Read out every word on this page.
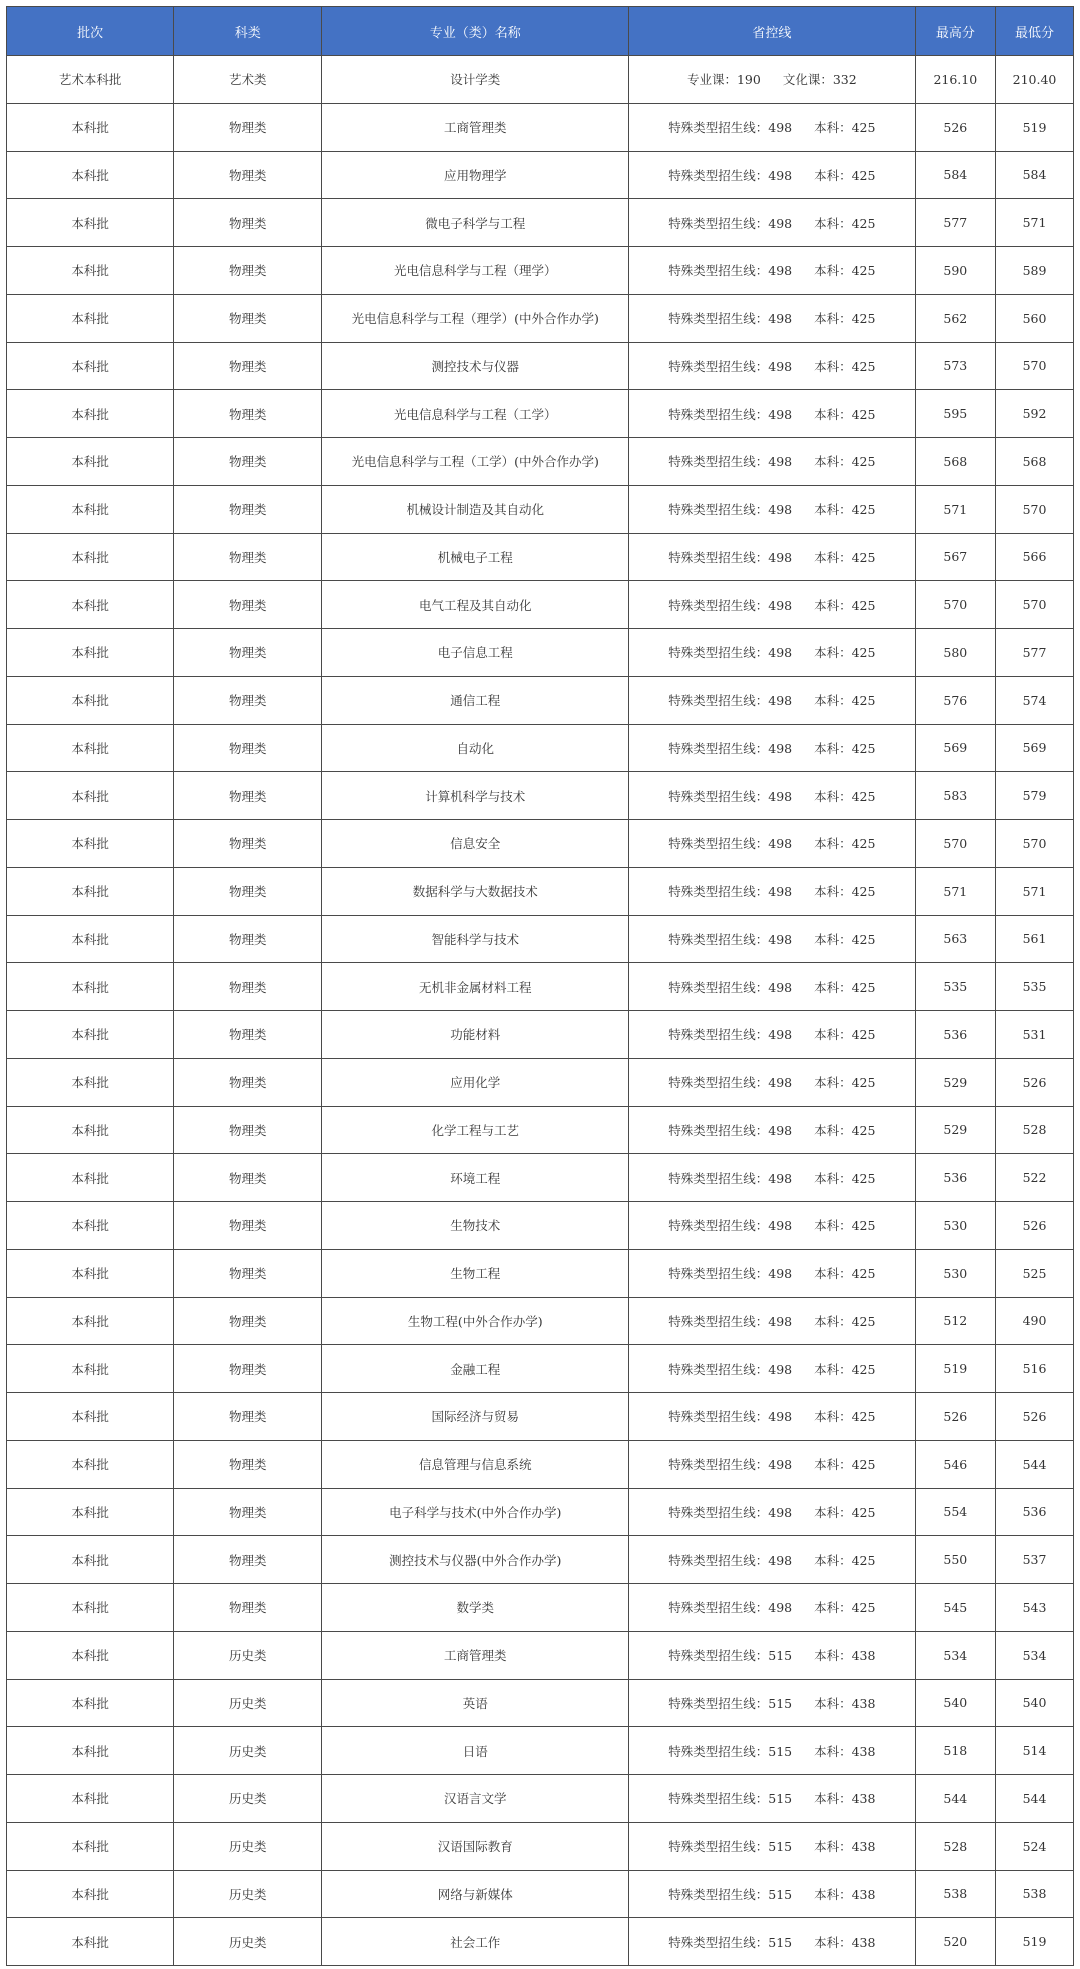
批次	科类	专业（类）名称	省控线	最高分	最低分
艺术本科批	艺术类	设计学类	专业课：190 文化课：332	216.10	210.40
本科批	物理类	工商管理类	特殊类型招生线：498 本科：425	526	519
本科批	物理类	应用物理学	特殊类型招生线：498 本科：425	584	584
本科批	物理类	微电子科学与工程	特殊类型招生线：498 本科：425	577	571
本科批	物理类	光电信息科学与工程（理学）	特殊类型招生线：498 本科：425	590	589
本科批	物理类	光电信息科学与工程（理学）(中外合作办学)	特殊类型招生线：498 本科：425	562	560
本科批	物理类	测控技术与仪器	特殊类型招生线：498 本科：425	573	570
本科批	物理类	光电信息科学与工程（工学）	特殊类型招生线：498 本科：425	595	592
本科批	物理类	光电信息科学与工程（工学）(中外合作办学)	特殊类型招生线：498 本科：425	568	568
本科批	物理类	机械设计制造及其自动化	特殊类型招生线：498 本科：425	571	570
本科批	物理类	机械电子工程	特殊类型招生线：498 本科：425	567	566
本科批	物理类	电气工程及其自动化	特殊类型招生线：498 本科：425	570	570
本科批	物理类	电子信息工程	特殊类型招生线：498 本科：425	580	577
本科批	物理类	通信工程	特殊类型招生线：498 本科：425	576	574
本科批	物理类	自动化	特殊类型招生线：498 本科：425	569	569
本科批	物理类	计算机科学与技术	特殊类型招生线：498 本科：425	583	579
本科批	物理类	信息安全	特殊类型招生线：498 本科：425	570	570
本科批	物理类	数据科学与大数据技术	特殊类型招生线：498 本科：425	571	571
本科批	物理类	智能科学与技术	特殊类型招生线：498 本科：425	563	561
本科批	物理类	无机非金属材料工程	特殊类型招生线：498 本科：425	535	535
本科批	物理类	功能材料	特殊类型招生线：498 本科：425	536	531
本科批	物理类	应用化学	特殊类型招生线：498 本科：425	529	526
本科批	物理类	化学工程与工艺	特殊类型招生线：498 本科：425	529	528
本科批	物理类	环境工程	特殊类型招生线：498 本科：425	536	522
本科批	物理类	生物技术	特殊类型招生线：498 本科：425	530	526
本科批	物理类	生物工程	特殊类型招生线：498 本科：425	530	525
本科批	物理类	生物工程(中外合作办学)	特殊类型招生线：498 本科：425	512	490
本科批	物理类	金融工程	特殊类型招生线：498 本科：425	519	516
本科批	物理类	国际经济与贸易	特殊类型招生线：498 本科：425	526	526
本科批	物理类	信息管理与信息系统	特殊类型招生线：498 本科：425	546	544
本科批	物理类	电子科学与技术(中外合作办学)	特殊类型招生线：498 本科：425	554	536
本科批	物理类	测控技术与仪器(中外合作办学)	特殊类型招生线：498 本科：425	550	537
本科批	物理类	数学类	特殊类型招生线：498 本科：425	545	543
本科批	历史类	工商管理类	特殊类型招生线：515 本科：438	534	534
本科批	历史类	英语	特殊类型招生线：515 本科：438	540	540
本科批	历史类	日语	特殊类型招生线：515 本科：438	518	514
本科批	历史类	汉语言文学	特殊类型招生线：515 本科：438	544	544
本科批	历史类	汉语国际教育	特殊类型招生线：515 本科：438	528	524
本科批	历史类	网络与新媒体	特殊类型招生线：515 本科：438	538	538
本科批	历史类	社会工作	特殊类型招生线：515 本科：438	520	519
